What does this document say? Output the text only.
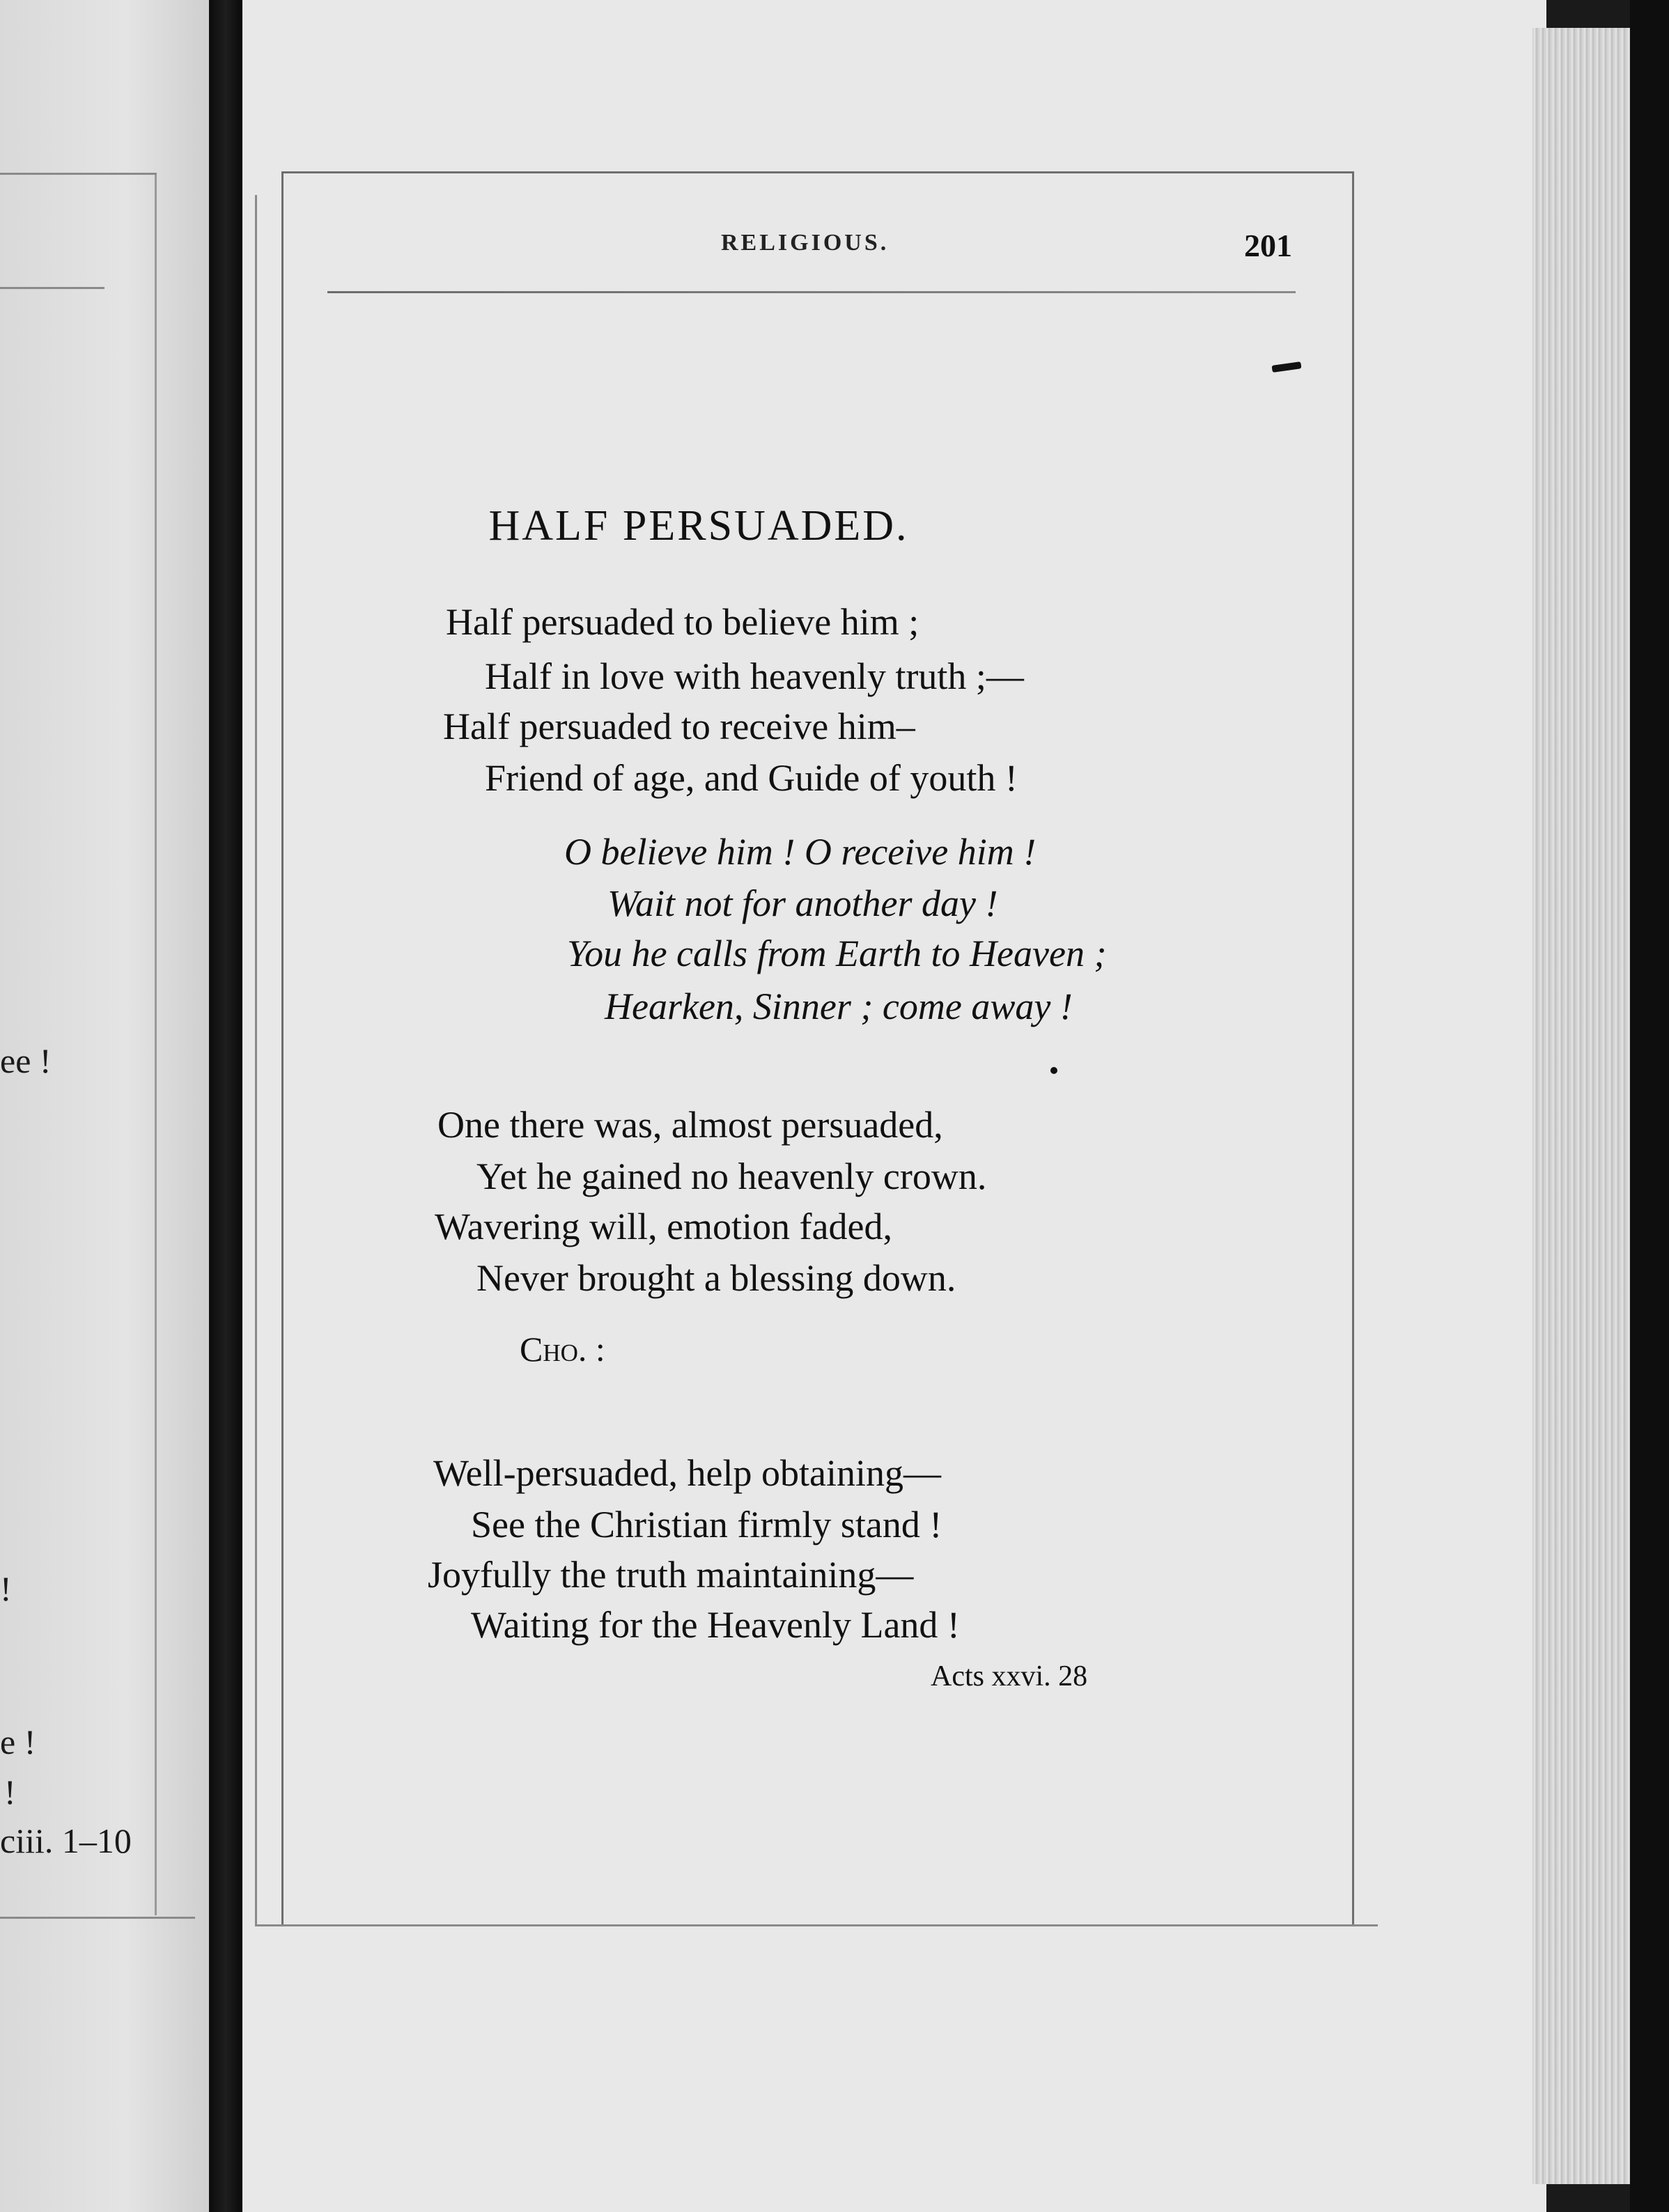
ee !
!
e !
!
ciii. 1–10
RELIGIOUS.	201
HALF PERSUADED.
Half persuaded to believe him ;
Half in love with heavenly truth ;—
Half persuaded to receive him–
Friend of age, and Guide of youth !
O believe him ! O receive him !
Wait not for another day !
You he calls from Earth to Heaven ;
Hearken, Sinner ; come away !
One there was, almost persuaded,
Yet he gained no heavenly crown.
Wavering will, emotion faded,
Never brought a blessing down.
Cho. :
Well-persuaded, help obtaining—
See the Christian firmly stand !
Joyfully the truth maintaining—
Waiting for the Heavenly Land !
Acts xxvi. 28
